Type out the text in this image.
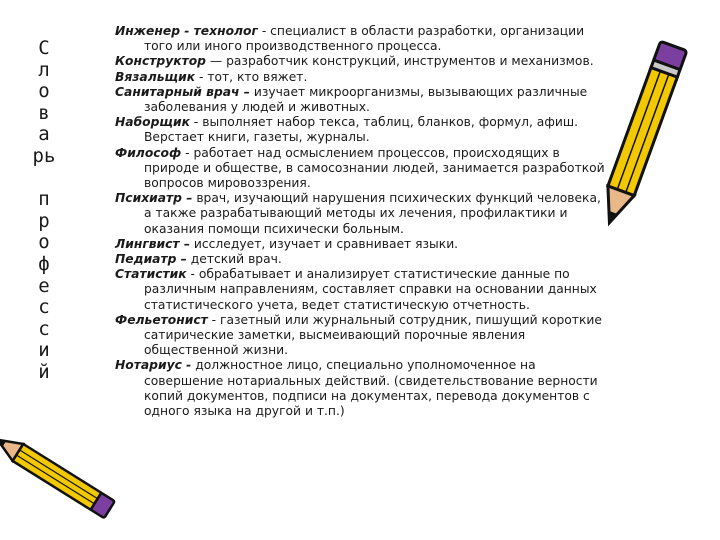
С
л
о
в
а
рь
п
р
о
ф
е
с
с
и
й
Инженер - технолог - специалист в области разработки, организации того или иного производственного процесса.
Конструктор — разработчик конструкций, инструментов и механизмов.
Вязальщик - тот, кто вяжет.
Санитарный врач – изучает микроорганизмы, вызывающих различные заболевания у людей и животных.
Наборщик - выполняет набор текса, таблиц, бланков, формул, афиш. Верстает книги, газеты, журналы.
Философ - работает над осмыслением процессов, происходящих в природе и обществе, в самосознании людей, занимается разработкой вопросов мировоззрения.
Психиатр – врач, изучающий нарушения психических функций человека, а также разрабатывающий методы их лечения, профилактики и оказания помощи психически больным.
Лингвист – исследует, изучает и сравнивает языки.
Педиатр – детский врач.
Статистик - обрабатывает и анализирует статистические данные по различным направлениям, составляет справки на основании данных статистического учета, ведет статистическую отчетность.
Фельетонист - газетный или журнальный сотрудник, пишущий короткие сатирические заметки, высмеивающий порочные явления общественной жизни.
Нотариус - должностное лицо, специально уполномоченное на совершение нотариальных действий. (свидетельствование верности копий документов, подписи на документах, перевода документов с одного языка на другой и т.п.)
